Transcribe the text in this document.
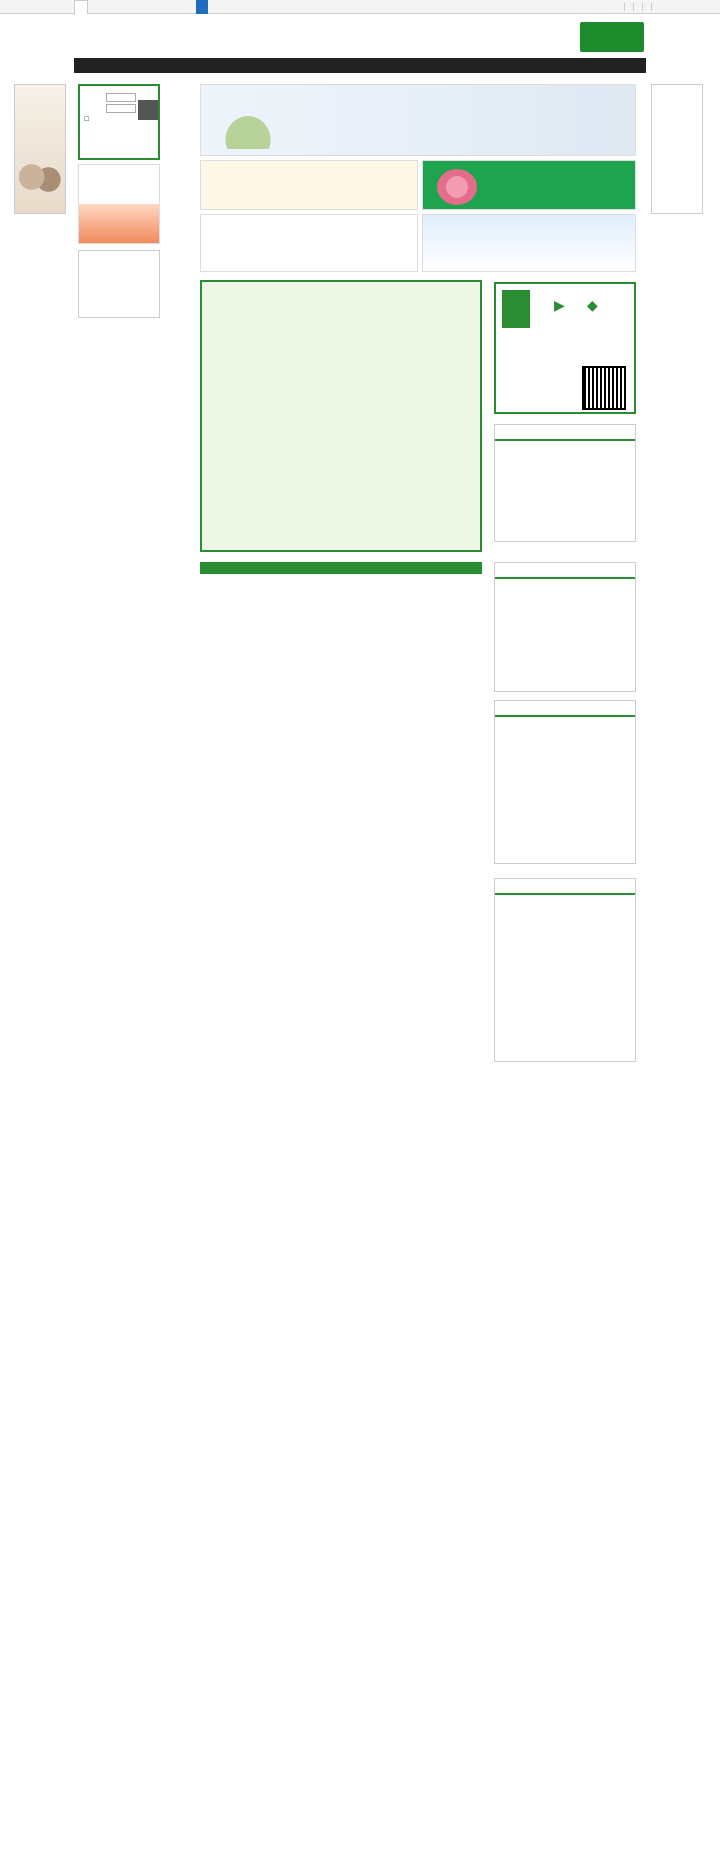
☐
▶     ◆
